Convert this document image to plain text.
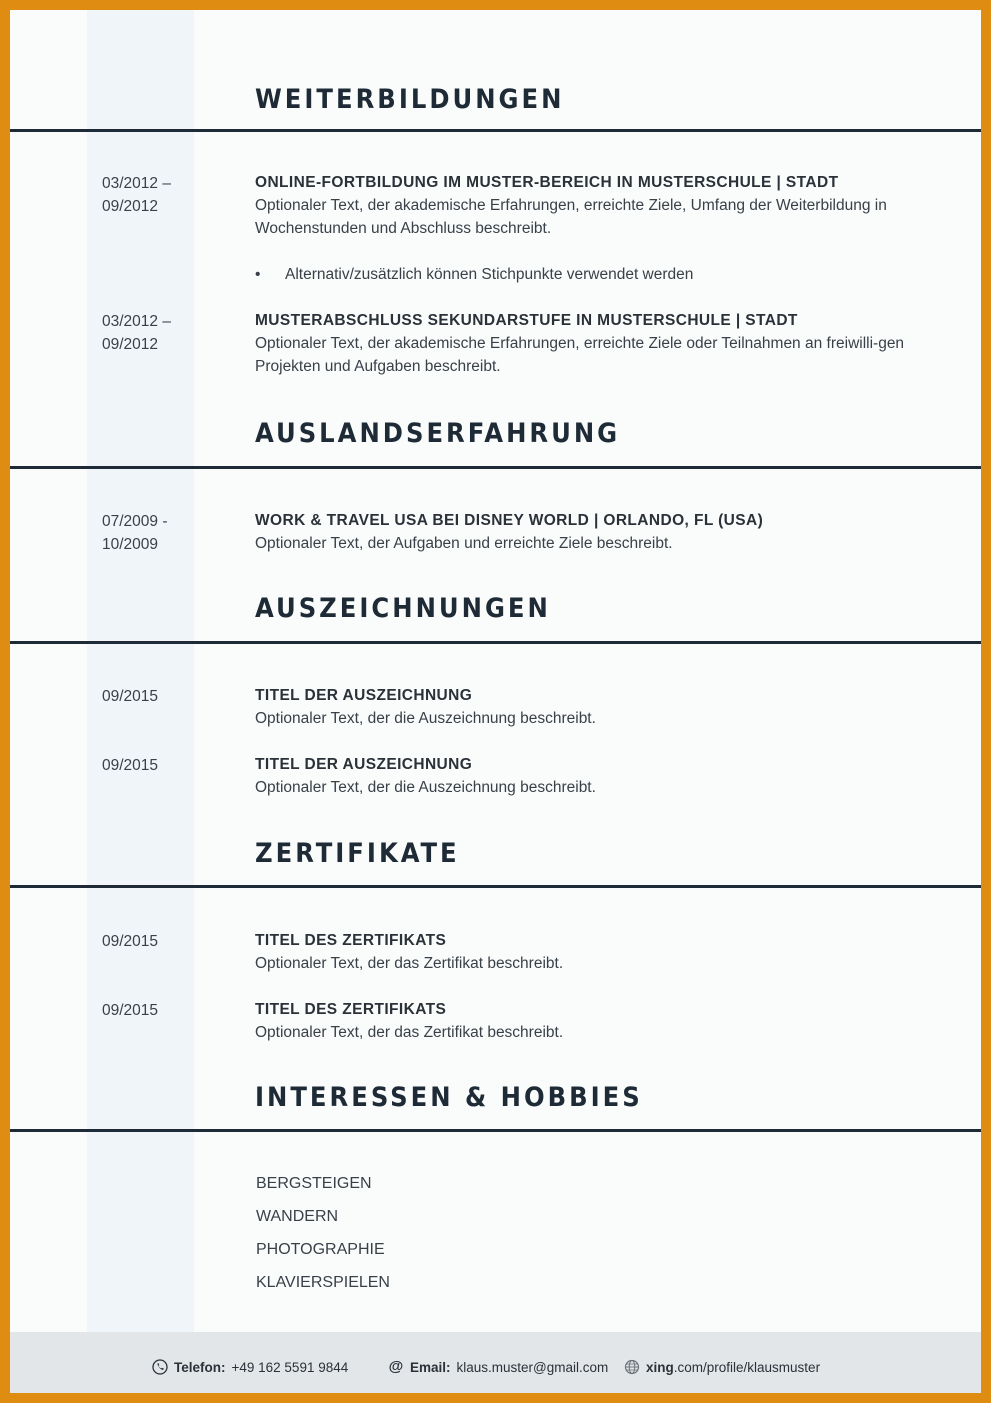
WEITERBILDUNGEN
03/2012 –
09/2012
ONLINE-FORTBILDUNG IM MUSTER-BEREICH IN MUSTERSCHULE | STADT
Optionaler Text, der akademische Erfahrungen, erreichte Ziele, Umfang der Weiterbildung in Wochenstunden und Abschluss beschreibt.
• Alternativ/zusätzlich können Stichpunkte verwendet werden
03/2012 –
09/2012
MUSTERABSCHLUSS SEKUNDARSTUFE IN MUSTERSCHULE | STADT
Optionaler Text, der akademische Erfahrungen, erreichte Ziele oder Teilnahmen an freiwilli-gen Projekten und Aufgaben beschreibt.
AUSLANDSERFAHRUNG
07/2009 -
10/2009
WORK & TRAVEL USA BEI DISNEY WORLD | ORLANDO, FL (USA)
Optionaler Text, der Aufgaben und erreichte Ziele beschreibt.
AUSZEICHNUNGEN
09/2015	TITEL DER AUSZEICHNUNG
Optionaler Text, der die Auszeichnung beschreibt.
09/2015	TITEL DER AUSZEICHNUNG
Optionaler Text, der die Auszeichnung beschreibt.
ZERTIFIKATE
09/2015	TITEL DES ZERTIFIKATS
Optionaler Text, der das Zertifikat beschreibt.
09/2015	TITEL DES ZERTIFIKATS
Optionaler Text, der das Zertifikat beschreibt.
INTERESSEN & HOBBIES
BERGSTEIGEN
WANDERN
PHOTOGRAPHIE
KLAVIERSPIELEN
Telefon: +49 162 5591 9844	@ Email: klaus.muster@gmail.com	xing.com/profile/klausmuster
